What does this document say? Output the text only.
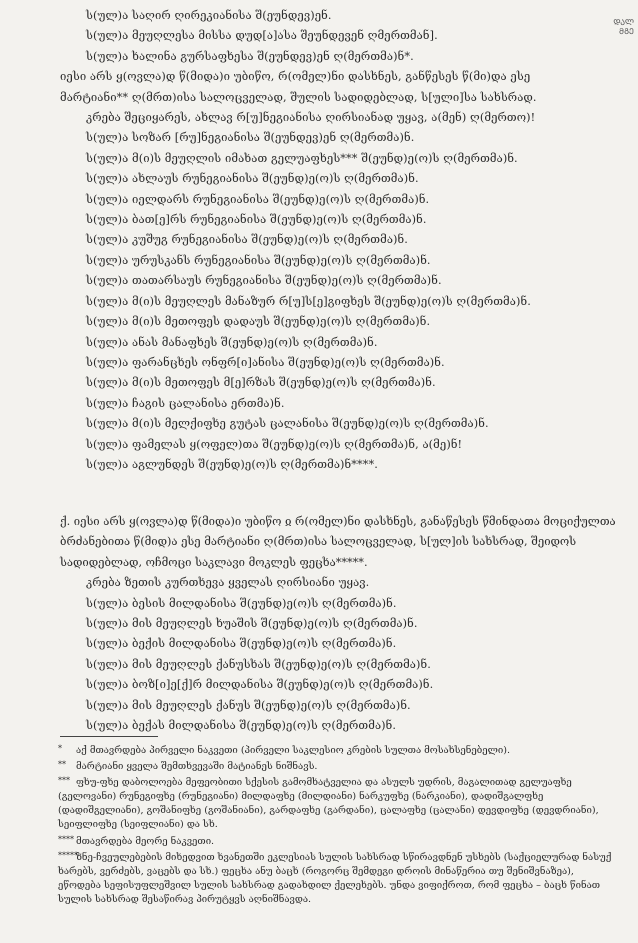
ᲓᲐᲚ
ᲛᲒᲔ
ს(ულ)ა საღირ ღირეკიანისა შ(ეუნდევ)ენ.
ს(ულ)ა მეუღლესა მისსა დუდ[ა]ასა შეუნდევენ ღმერთმან].
ს(ულ)ა ხალინა გურსაფხესა შ(ეუნდევ)ენ ღ(მერთმა)ნ*.
იესი არს ყ(ოვლა)დ წ(მიდა)ი უბიწო, რ(ომელ)ნი დასხნეს, განწესეს წ(მი)და ესე
მარტიანი** ღ(მრთ)ისა სალოცველად, შულის სადიდებლად, ს[ული]სა სახსრად.
კრება შეციყარეს, ახლავ რ[უ]ნეგიანისა ღირსიანად უყავ, ა(მენ) ღ(მერთო)!
ს(ულ)ა სოზარ [რუ]ნეგიანისა შ(ეუნდევ)ენ ღ(მერთმა)ნ.
ს(ულ)ა მ(ი)ს მეუღლის იმახათ გელუაფხეს*** შ(ეუნდ)ე(ო)ს ღ(მერთმა)ნ.
ს(ულ)ა ახლაუს რუნეგიანისა შ(ეუნდ)ე(ო)ს ღ(მერთმა)ნ.
ს(ულ)ა იელდარს რუნეგიანისა შ(ეუნდ)ე(ო)ს ღ(მერთმა)ნ.
ს(ულ)ა ბათ[ე]რს რუნეგიანისა შ(ეუნდ)ე(ო)ს ღ(მერთმა)ნ.
ს(ულ)ა კუშუგ რუნეგიანისა შ(ეუნდ)ე(ო)ს ღ(მერთმა)ნ.
ს(ულ)ა ურუსკანს რუნეგიანისა შ(ეუნდ)ე(ო)ს ღ(მერთმა)ნ.
ს(ულ)ა თათარსაუს რუნეგიანისა შ(ეუნდ)ე(ო)ს ღ(მერთმა)ნ.
ს(ულ)ა მ(ი)ს მეუღლეს მანაზურ რ[უ]ს[ე]გიფხეს შ(ეუნდ)ე(ო)ს ღ(მერთმა)ნ.
ს(ულ)ა მ(ი)ს მეთოფეს დადაუს შ(ეუნდ)ე(ო)ს ღ(მერთმა)ნ.
ს(ულ)ა ანას მანაფხეს შ(ეუნდ)ე(ო)ს ღ(მერთმა)ნ.
ს(ულ)ა ფარანცხეს ონფრ[ი]ანისა შ(ეუნდ)ე(ო)ს ღ(მერთმა)ნ.
ს(ულ)ა მ(ი)ს მეთოფეს მ[ე]რზას შ(ეუნდ)ე(ო)ს ღ(მერთმა)ნ.
ს(ულ)ა ჩაგის ცალანისა ერთმა)ნ.
ს(ულ)ა მ(ი)ს მელქიფხე გუტას ცალანისა შ(ეუნდ)ე(ო)ს ღ(მერთმა)ნ.
ს(ულ)ა ფამელას ყ(ოფელ)თა შ(ეუნდ)ე(ო)ს ღ(მერთმა)ნ, ა(მე)ნ!
ს(ულ)ა აგლუნდეს შ(ეუნდ)ე(ო)ს ღ(მერთმა)ნ****.
ქ. იესი არს ყ(ოვლა)დ წ(მიდა)ი უბიწო ჲ რ(ომელ)ნი დასხნეს, განაწესეს წმინდათა მოციქულთა ბრძანებითა წ(მიდ)ა ესე მარტიანი ღ(მრთ)ისა სალოცველად, ს[ულ]ის სახსრად, შეიდოს სადიდებლად, ოჩმოცი საკლავი მოკლეს ფეცხა*****.
კრება ზეთის კურთხევა ყველას ღირსიანი უყავ.
ს(ულ)ა ბესის მილდანისა შ(ეუნდ)ე(ო)ს ღ(მერთმა)ნ.
ს(ულ)ა მის მეუღლეს ხუაშის შ(ეუნდ)ე(ო)ს ღ(მერთმა)ნ.
ს(ულ)ა ბექის მილდანისა შ(ეუნდ)ე(ო)ს ღ(მერთმა)ნ.
ს(ულ)ა მის მეუღლეს ქანუსხას შ(ეუნდ)ე(ო)ს ღ(მერთმა)ნ.
ს(ულ)ა ბოზ[ი]ე[ქ]რ მილდანისა შ(ეუნდ)ე(ო)ს ღ(მერთმა)ნ.
ს(ულ)ა მის მეუღლეს ქანუს შ(ეუნდ)ე(ო)ს ღ(მერთმა)ნ.
ს(ულ)ა ბექას მილდანისა შ(ეუნდ)ე(ო)ს ღ(მერთმა)ნ.
* აქ მთავრდება პირველი ნაკვეთი (პირველი საკლესიო კრების სულთა მოსახსენებელი).
** მარტიანი ყველა შემთხვევაში მატიანეს ნიშნავს.
*** ფხუ-ფხე დაბოლოება მეფეობითი სქესის გამომხატველია და ასულს უდრის, მაგალითად გელუაფხე (გელოვანი) რუნეგიფხე (რუნეგიანი) მილდაფხე (მილდიანი) ნარკუფხე (ნარკიანი), დადიშგალფხე (დადიშგელიანი), გოშანიფხე (გოშანიანი), გარდაფხე (გარდანი), ცალაფხე (ცალანი) დევდიფხე (დევდრიანი), სეიფლიფხე (სეიფლიანი) და სხ.
**** მთავრდება მეორე ნაკვეთი.
*****ზნე-ჩვეულებების მიხედვით ხვანეთში ეკლესიას სულის სახსრად სწირავდნენ უსხებს (საქციელურად ნასუქ ხარებს, ვერძებს, ვაცებს და სხ.) ფეცხა ანუ ბაცხ (როგორც შემდეგი დროის მინაწერია თუ შენიშვნაზეა), ეწოდება სეფისუფლეშვილ სულის სახსრად გადახდილ ქელეხებს. უნდა ვიფიქროთ, რომ ფეცხა – ბაცხ წინათ სულის სახსრად შესაწირავ პირუტყვს აღნიშნავდა.
